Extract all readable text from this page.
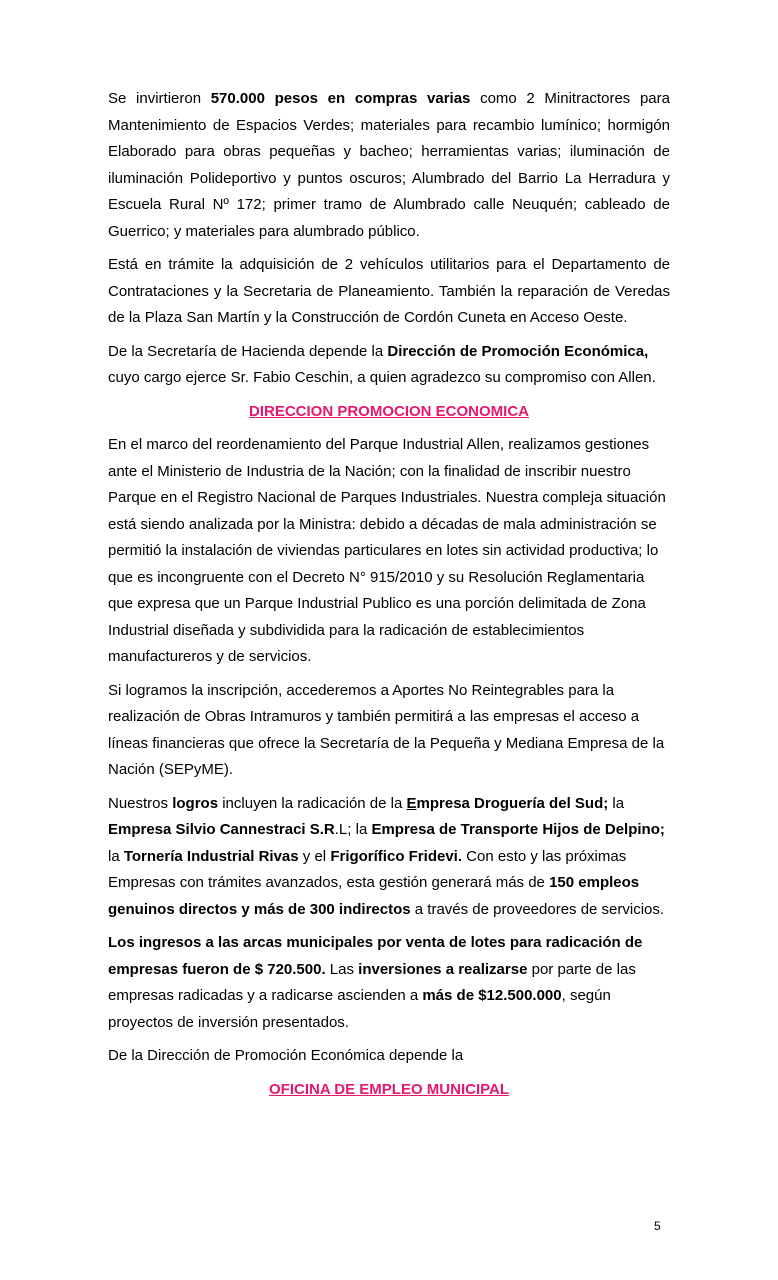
Se invirtieron 570.000 pesos en compras varias como 2 Minitractores para Mantenimiento de Espacios Verdes; materiales para recambio lumínico; hormigón Elaborado para obras pequeñas y bacheo; herramientas varias; iluminación de iluminación Polideportivo y puntos oscuros; Alumbrado del Barrio La Herradura y Escuela Rural Nº 172; primer tramo de Alumbrado calle Neuquén; cableado de Guerrico; y materiales para alumbrado público.

Está en trámite la adquisición de 2 vehículos utilitarios para el Departamento de Contrataciones y la Secretaria de Planeamiento. También la reparación de Veredas de la Plaza San Martín y la Construcción de Cordón Cuneta en Acceso Oeste.

De la Secretaría de Hacienda depende la Dirección de Promoción Económica, cuyo cargo ejerce Sr. Fabio Ceschin, a quien agradezco su compromiso con Allen.

DIRECCION PROMOCION ECONOMICA

En el marco del reordenamiento del Parque Industrial Allen, realizamos gestiones ante el Ministerio de Industria de la Nación; con la finalidad de inscribir nuestro Parque en el Registro Nacional de Parques Industriales. Nuestra compleja situación está siendo analizada por la Ministra: debido a décadas de mala administración se permitió la instalación de viviendas particulares en lotes sin actividad productiva; lo que es incongruente con el Decreto N° 915/2010 y su Resolución Reglamentaria que expresa que un Parque Industrial Publico es una porción delimitada de Zona Industrial diseñada y subdividida para la radicación de establecimientos manufactureros y de servicios.

Si logramos la inscripción, accederemos a Aportes No Reintegrables para la realización de Obras Intramuros y también permitirá a las empresas el acceso a líneas financieras que ofrece la Secretaría de la Pequeña y Mediana Empresa de la Nación (SEPyME).

Nuestros logros incluyen la radicación de la Empresa Droguería del Sud; la Empresa Silvio Cannestraci S.R.L; la Empresa de Transporte Hijos de Delpino; la Tornería Industrial Rivas y el Frigorífico Fridevi. Con esto y las próximas Empresas con trámites avanzados, esta gestión generará más de 150 empleos genuinos directos y más de 300 indirectos a través de proveedores de servicios.

Los ingresos a las arcas municipales por venta de lotes para radicación de empresas fueron de $ 720.500. Las inversiones a realizarse por parte de las empresas radicadas y a radicarse ascienden a más de $12.500.000, según proyectos de inversión presentados.

De la Dirección de Promoción Económica depende la

OFICINA DE EMPLEO MUNICIPAL

5
